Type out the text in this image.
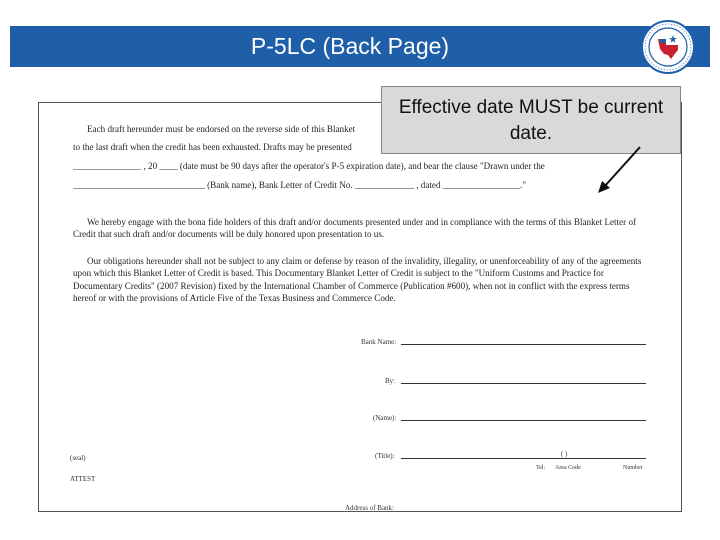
P-5LC (Back Page)
Each draft hereunder must be endorsed on the reverse side of this Blanket
to the last draft when the credit has been exhausted. Drafts may be presented
_______________ , 20 ____ (date must be 90 days after the operator's P-5 expiration date), and bear the clause "Drawn under the
_____________________________ (Bank name), Bank Letter of Credit No. _____________ , dated _________________."
We hereby engage with the bona fide holders of this draft and/or documents presented under and in compliance with the terms of this Blanket Letter of Credit that such draft and/or documents will be duly honored upon presentation to us.
Our obligations hereunder shall not be subject to any claim or defense by reason of the invalidity, illegality, or unenforceability of any of the agreements upon which this Blanket Letter of Credit is based. This Documentary Blanket Letter of Credit is subject to the "Uniform Customs and Practice for Documentary Credits" (2007 Revision) fixed by the International Chamber of Commerce (Publication #600), when not in conflict with the express terms hereof or with the provisions of Article Five of the Texas Business and Commerce Code.
Bank Name:
By:
(Name):
(seal)	(Title):	( )
Tel: Area Code	Number
ATTEST
Address of Bank:
Effective date MUST be current date.
